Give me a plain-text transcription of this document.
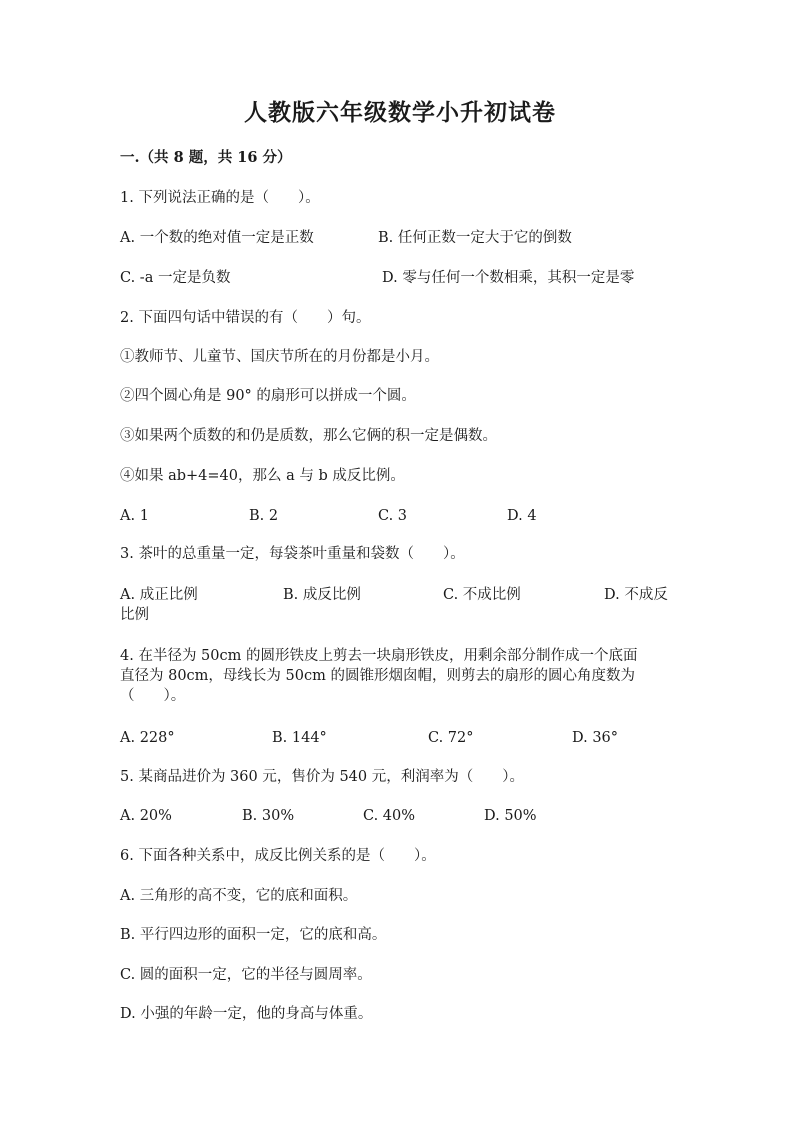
人教版六年级数学小升初试卷
一.（共 8 题，共 16 分）
1. 下列说法正确的是（　　）。
A. 一个数的绝对值一定是正数	B. 任何正数一定大于它的倒数
C. -a 一定是负数	D. 零与任何一个数相乘，其积一定是零
2. 下面四句话中错误的有（　　）句。
①教师节、儿童节、国庆节所在的月份都是小月。
②四个圆心角是 90° 的扇形可以拼成一个圆。
③如果两个质数的和仍是质数，那么它俩的积一定是偶数。
④如果 ab+4=40，那么 a 与 b 成反比例。
A. 1	B. 2	C. 3	D. 4
3. 茶叶的总重量一定，每袋茶叶重量和袋数（　　）。
A. 成正比例	B. 成反比例	C. 不成比例	D. 不成反
比例
4. 在半径为 50cm 的圆形铁皮上剪去一块扇形铁皮，用剩余部分制作成一个底面
直径为 80cm，母线长为 50cm 的圆锥形烟囱帽，则剪去的扇形的圆心角度数为
（　　）。
A. 228°	B. 144°	C. 72°	D. 36°
5. 某商品进价为 360 元，售价为 540 元，利润率为（　　）。
A. 20%	B. 30%	C. 40%	D. 50%
6. 下面各种关系中，成反比例关系的是（　　）。
A. 三角形的高不变，它的底和面积。
B. 平行四边形的面积一定，它的底和高。
C. 圆的面积一定，它的半径与圆周率。
D. 小强的年龄一定，他的身高与体重。
